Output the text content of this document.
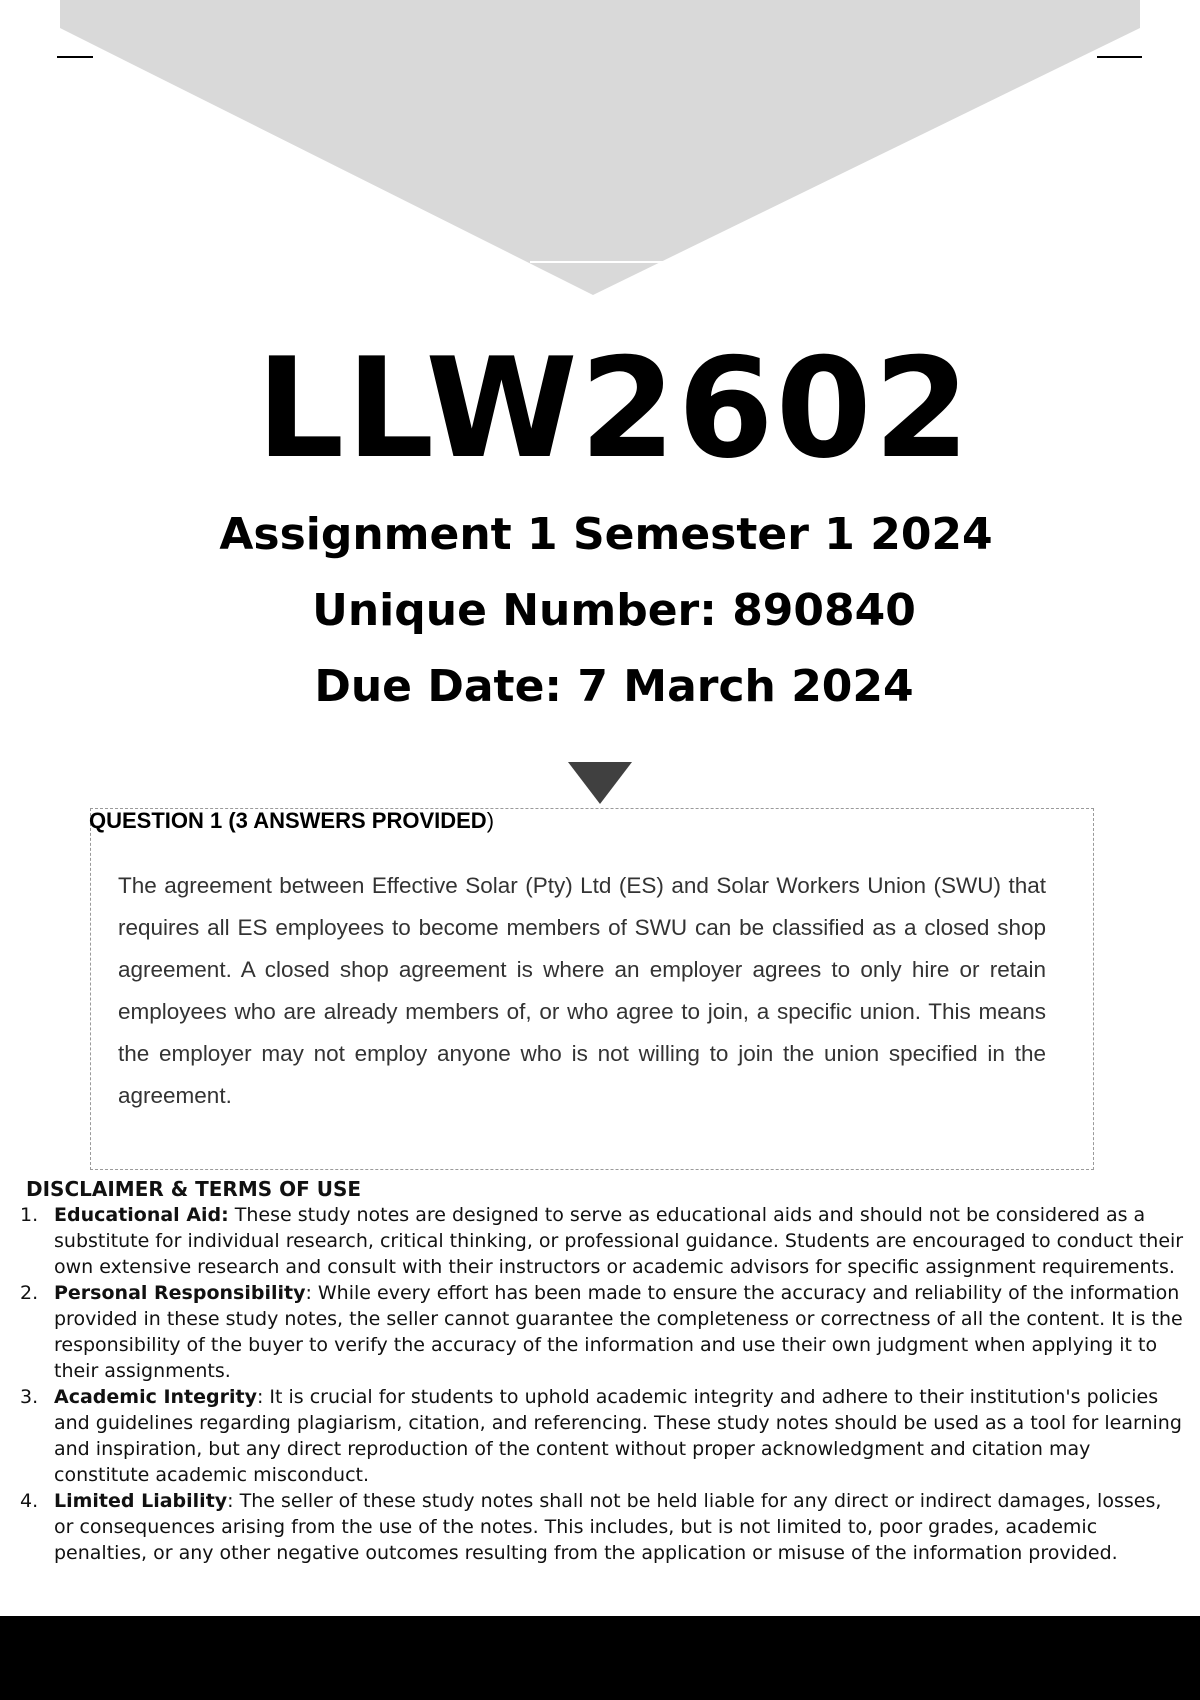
LLW2602
Assignment 1 Semester 1 2024
Unique Number: 890840
Due Date: 7 March 2024
QUESTION 1 (3 ANSWERS PROVIDED)
The agreement between Effective Solar (Pty) Ltd (ES) and Solar Workers Union (SWU) that requires all ES employees to become members of SWU can be classified as a closed shop agreement. A closed shop agreement is where an employer agrees to only hire or retain employees who are already members of, or who agree to join, a specific union. This means the employer may not employ anyone who is not willing to join the union specified in the agreement.
DISCLAIMER & TERMS OF USE
1. Educational Aid: These study notes are designed to serve as educational aids and should not be considered as a substitute for individual research, critical thinking, or professional guidance. Students are encouraged to conduct their own extensive research and consult with their instructors or academic advisors for specific assignment requirements.
2. Personal Responsibility: While every effort has been made to ensure the accuracy and reliability of the information provided in these study notes, the seller cannot guarantee the completeness or correctness of all the content. It is the responsibility of the buyer to verify the accuracy of the information and use their own judgment when applying it to their assignments.
3. Academic Integrity: It is crucial for students to uphold academic integrity and adhere to their institution's policies and guidelines regarding plagiarism, citation, and referencing. These study notes should be used as a tool for learning and inspiration, but any direct reproduction of the content without proper acknowledgment and citation may constitute academic misconduct.
4. Limited Liability: The seller of these study notes shall not be held liable for any direct or indirect damages, losses, or consequences arising from the use of the notes. This includes, but is not limited to, poor grades, academic penalties, or any other negative outcomes resulting from the application or misuse of the information provided.
